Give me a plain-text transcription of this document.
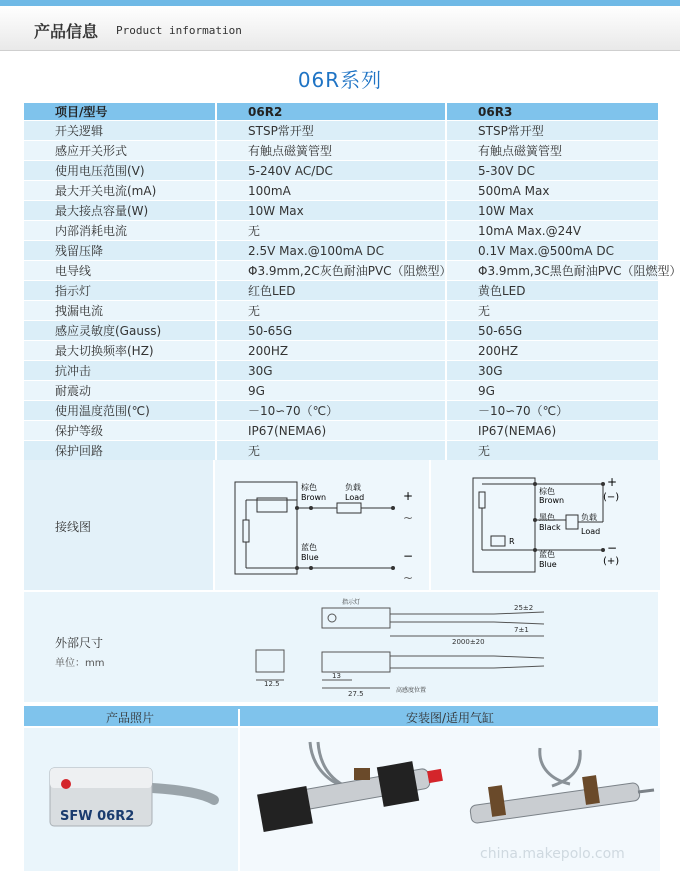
产品信息 Product information
06R系列
项目/型号	06R2	06R3
开关逻辑	STSP常开型	STSP常开型
感应开关形式	有触点磁簧管型	有触点磁簧管型
使用电压范围(V)	5-240V AC/DC	5-30V DC
最大开关电流(mA)	100mA	500mA Max
最大接点容量(W)	10W Max	10W Max
内部消耗电流	无	10mA Max.@24V
残留压降	2.5V Max.@100mA DC	0.1V Max.@500mA DC
电导线	Φ3.9mm,2C灰色耐油PVC（阻燃型）	Φ3.9mm,3C黑色耐油PVC（阻燃型）
指示灯	红色LED	黄色LED
拽漏电流	无	无
感应灵敏度(Gauss)	50-65G	50-65G
最大切换频率(HZ)	200HZ	200HZ
抗冲击	30G	30G
耐震动	9G	9G
使用温度范围(℃)	－10∽70（℃）	－10∽70（℃）
保护等级	IP67(NEMA6)	IP67(NEMA6)
保护回路	无	无
接线图
棕色
Brown
负载
Load
蓝色
Blue
+
~
−
~
棕色
Brown
黑色
Black
负载
Load
蓝色
Blue
R
+
(−)
−
(+)
外部尺寸
单位：mm
指示灯
25±2
7±1
2000±20
12.5
13
27.5	高感度位置
产品照片	安装图/适用气缸
SFW 06R2
china.makepolo.com
